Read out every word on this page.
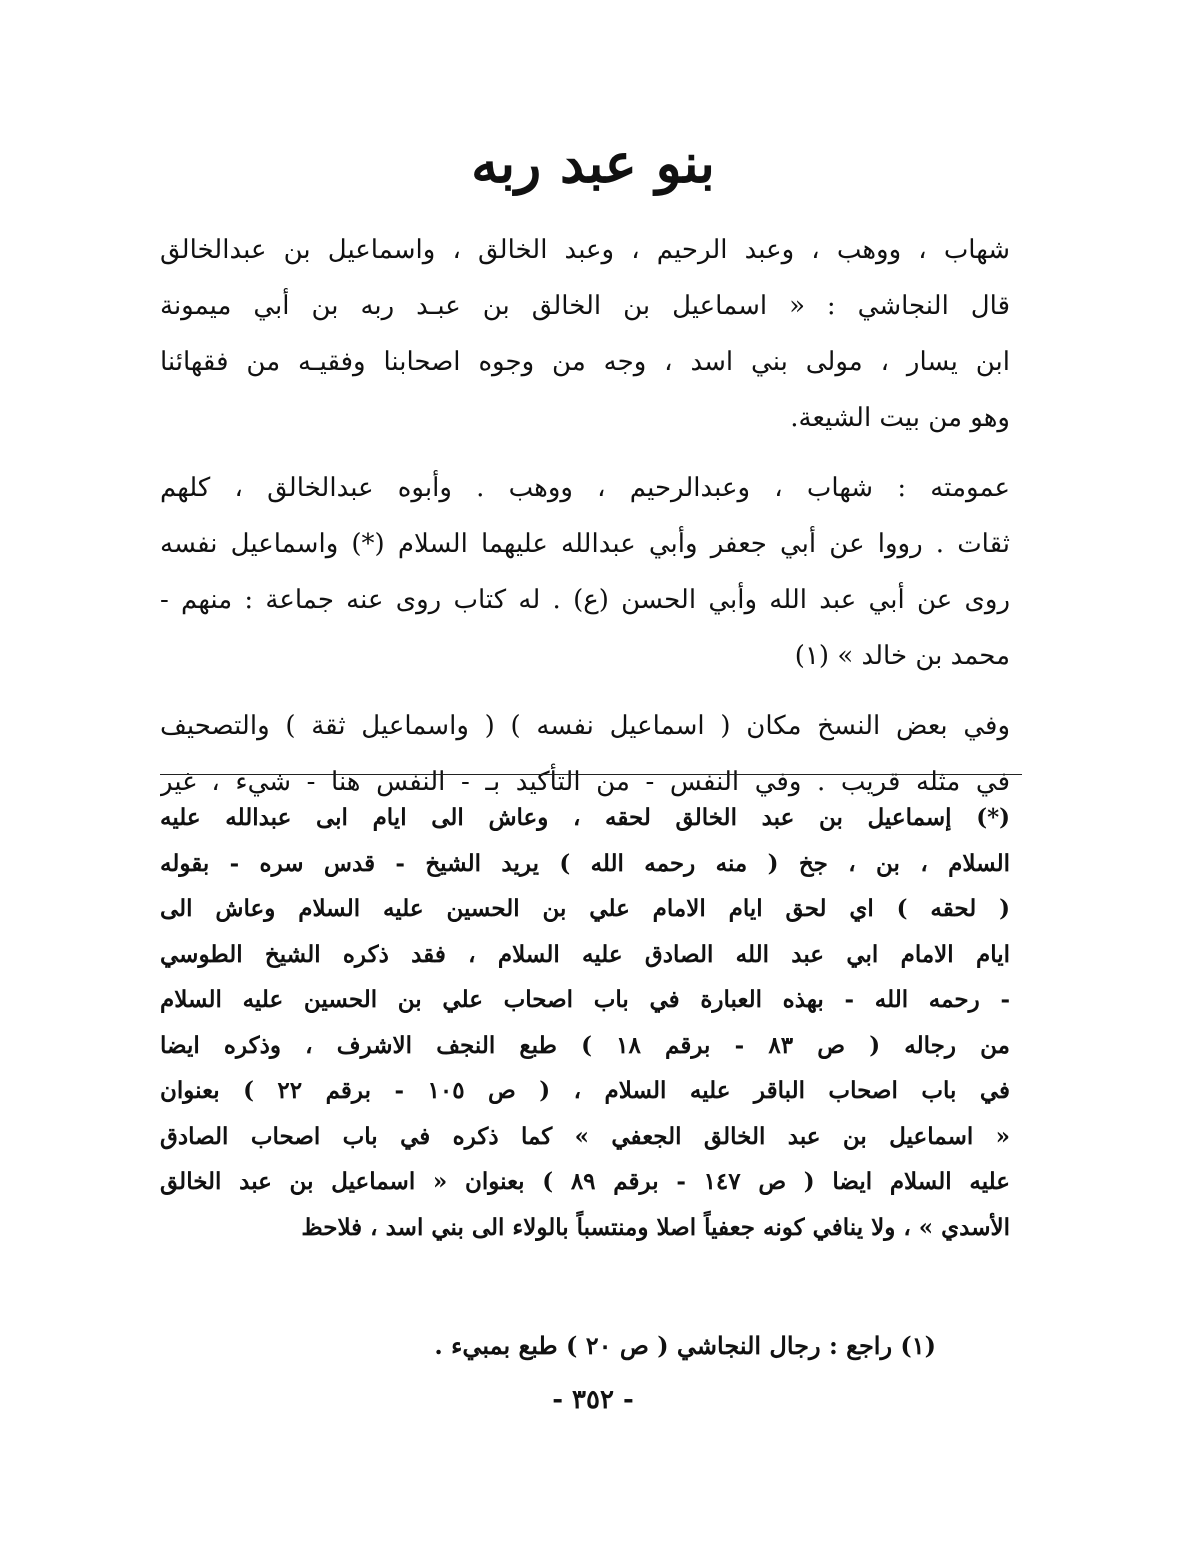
بنو عبد ربه
شهاب ، ووهب ، وعبد الرحيم ، وعبد الخالق ، واسماعيل بن عبدالخالق
قال النجاشي : « اسماعيل بن الخالق بن عبـد ربه بن أبي ميمونة
ابن يسار ، مولى بني اسد ، وجه من وجوه اصحابنا وفقيـه من فقهائنا
وهو من بيت الشيعة.
عمومته : شهاب ، وعبدالرحيم ، ووهب . وأبوه عبدالخالق ، كلهم
ثقات . رووا عن أبي جعفر وأبي عبدالله عليهما السلام (*) واسماعيل نفسه
روى عن أبي عبد الله وأبي الحسن (ع) . له كتاب روى عنه جماعة : منهم -
محمد بن خالد » (١)
وفي بعض النسخ مكان ( اسماعيل نفسه ) ( واسماعيل ثقة ) والتصحيف
في مثله قريب . وفي النفس - من التأكيد بـ - النفس هنا - شيء ، غير
(*) إسماعيل بن عبد الخالق لحقه ، وعاش الى ايام ابى عبدالله عليه
السلام ، بن ، جخ ( منه رحمه الله ) يريد الشيخ - قدس سره - بقوله
( لحقه ) اي لحق ايام الامام علي بن الحسين عليه السلام وعاش الى
ايام الامام ابي عبد الله الصادق عليه السلام ، فقد ذكره الشيخ الطوسي
- رحمه الله - بهذه العبارة في باب اصحاب علي بن الحسين عليه السلام
من رجاله ( ص ٨٣ - برقم ١٨ ) طبع النجف الاشرف ، وذكره ايضا
في باب اصحاب الباقر عليه السلام ، ( ص ١٠٥ - برقم ٢٢ ) بعنوان
« اسماعيل بن عبد الخالق الجعفي » كما ذكره في باب اصحاب الصادق
عليه السلام ايضا ( ص ١٤٧ - برقم ٨٩ ) بعنوان « اسماعيل بن عبد الخالق
الأسدي » ، ولا ينافي كونه جعفياً اصلا ومنتسباً بالولاء الى بني اسد ، فلاحظ
(١) راجع : رجال النجاشي ( ص ٢٠ ) طبع بمبيء .
- ٣٥٢ -
